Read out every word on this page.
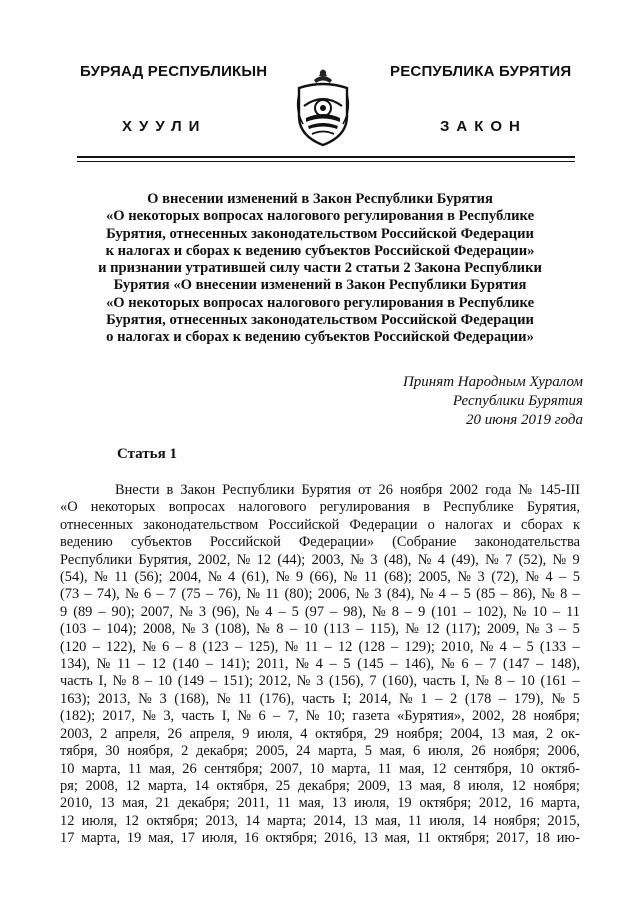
БУРЯАД РЕСПУБЛИКЫН	РЕСПУБЛИКА БУРЯТИЯ
ХУУЛИ	ЗАКОН
О внесении изменений в Закон Республики Бурятия
«О некоторых вопросах налогового регулирования в Республике
Бурятия, отнесенных законодательством Российской Федерации
к налогах и сборах к ведению субъектов Российской Федерации»
и признании утратившей силу части 2 статьи 2 Закона Республики
Бурятия «О внесении изменений в Закон Республики Бурятия
«О некоторых вопросах налогового регулирования в Республике
Бурятия, отнесенных законодательством Российской Федерации
о налогах и сборах к ведению субъектов Российской Федерации»
Принят Народным Хуралом
Республики Бурятия
20 июня 2019 года
Статья 1
Внести в Закон Республики Бурятия от 26 ноября 2002 года № 145-III
«О некоторых вопросах налогового регулирования в Республике Бурятия,
отнесенных законодательством Российской Федерации о налогах и сборах к
ведению субъектов Российской Федерации» (Собрание законодательства
Республики Бурятия, 2002, № 12 (44); 2003, № 3 (48), № 4 (49), № 7 (52), № 9
(54), № 11 (56); 2004, № 4 (61), № 9 (66), № 11 (68); 2005, № 3 (72), № 4 – 5
(73 – 74), № 6 – 7 (75 – 76), № 11 (80); 2006, № 3 (84), № 4 – 5 (85 – 86), № 8 –
9 (89 – 90); 2007, № 3 (96), № 4 – 5 (97 – 98), № 8 – 9 (101 – 102), № 10 – 11
(103 – 104); 2008, № 3 (108), № 8 – 10 (113 – 115), № 12 (117); 2009, № 3 – 5
(120 – 122), № 6 – 8 (123 – 125), № 11 – 12 (128 – 129); 2010, № 4 – 5 (133 –
134), № 11 – 12 (140 – 141); 2011, № 4 – 5 (145 – 146), № 6 – 7 (147 – 148),
часть I, № 8 – 10 (149 – 151); 2012, № 3 (156), 7 (160), часть I, № 8 – 10 (161 –
163); 2013, № 3 (168), № 11 (176), часть I; 2014, № 1 – 2 (178 – 179), № 5
(182); 2017, № 3, часть I, № 6 – 7, № 10; газета «Бурятия», 2002, 28 ноября;
2003, 2 апреля, 26 апреля, 9 июля, 4 октября, 29 ноября; 2004, 13 мая, 2 ок-
тября, 30 ноября, 2 декабря; 2005, 24 марта, 5 мая, 6 июля, 26 ноября; 2006,
10 марта, 11 мая, 26 сентября; 2007, 10 марта, 11 мая, 12 сентября, 10 октяб-
ря; 2008, 12 марта, 14 октября, 25 декабря; 2009, 13 мая, 8 июля, 12 ноября;
2010, 13 мая, 21 декабря; 2011, 11 мая, 13 июля, 19 октября; 2012, 16 марта,
12 июля, 12 октября; 2013, 14 марта; 2014, 13 мая, 11 июля, 14 ноября; 2015,
17 марта, 19 мая, 17 июля, 16 октября; 2016, 13 мая, 11 октября; 2017, 18 ию-
